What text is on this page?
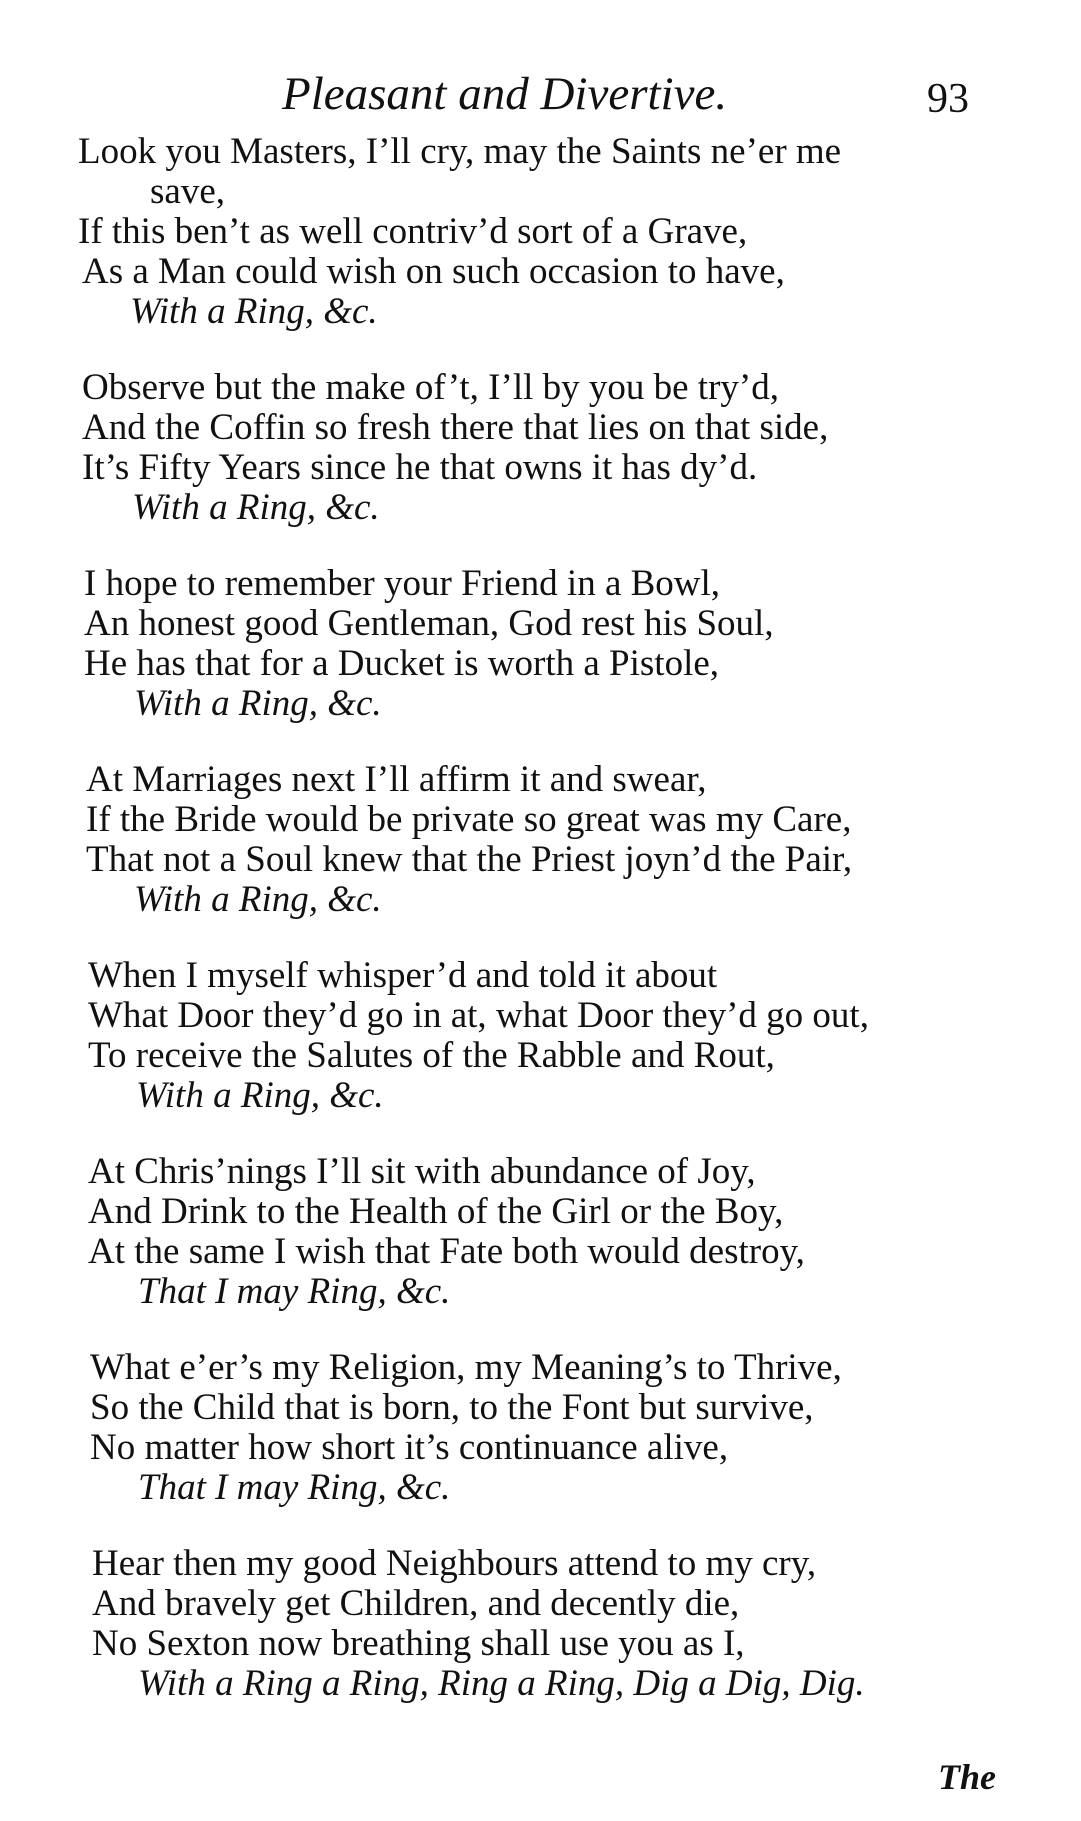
Pleasant and Divertive.	93
Look you Masters, I’ll cry, may the Saints ne’er me
save,
If this ben’t as well contriv’d sort of a Grave,
As a Man could wish on such occasion to have,
With a Ring, &c.
Observe but the make of’t, I’ll by you be try’d,
And the Coffin so fresh there that lies on that side,
It’s Fifty Years since he that owns it has dy’d.
With a Ring, &c.
I hope to remember your Friend in a Bowl,
An honest good Gentleman, God rest his Soul,
He has that for a Ducket is worth a Pistole,
With a Ring, &c.
At Marriages next I’ll affirm it and swear,
If the Bride would be private so great was my Care,
That not a Soul knew that the Priest joyn’d the Pair,
With a Ring, &c.
When I myself whisper’d and told it about
What Door they’d go in at, what Door they’d go out,
To receive the Salutes of the Rabble and Rout,
With a Ring, &c.
At Chris’nings I’ll sit with abundance of Joy,
And Drink to the Health of the Girl or the Boy,
At the same I wish that Fate both would destroy,
That I may Ring, &c.
What e’er’s my Religion, my Meaning’s to Thrive,
So the Child that is born, to the Font but survive,
No matter how short it’s continuance alive,
That I may Ring, &c.
Hear then my good Neighbours attend to my cry,
And bravely get Children, and decently die,
No Sexton now breathing shall use you as I,
With a Ring a Ring, Ring a Ring, Dig a Dig, Dig.
The
